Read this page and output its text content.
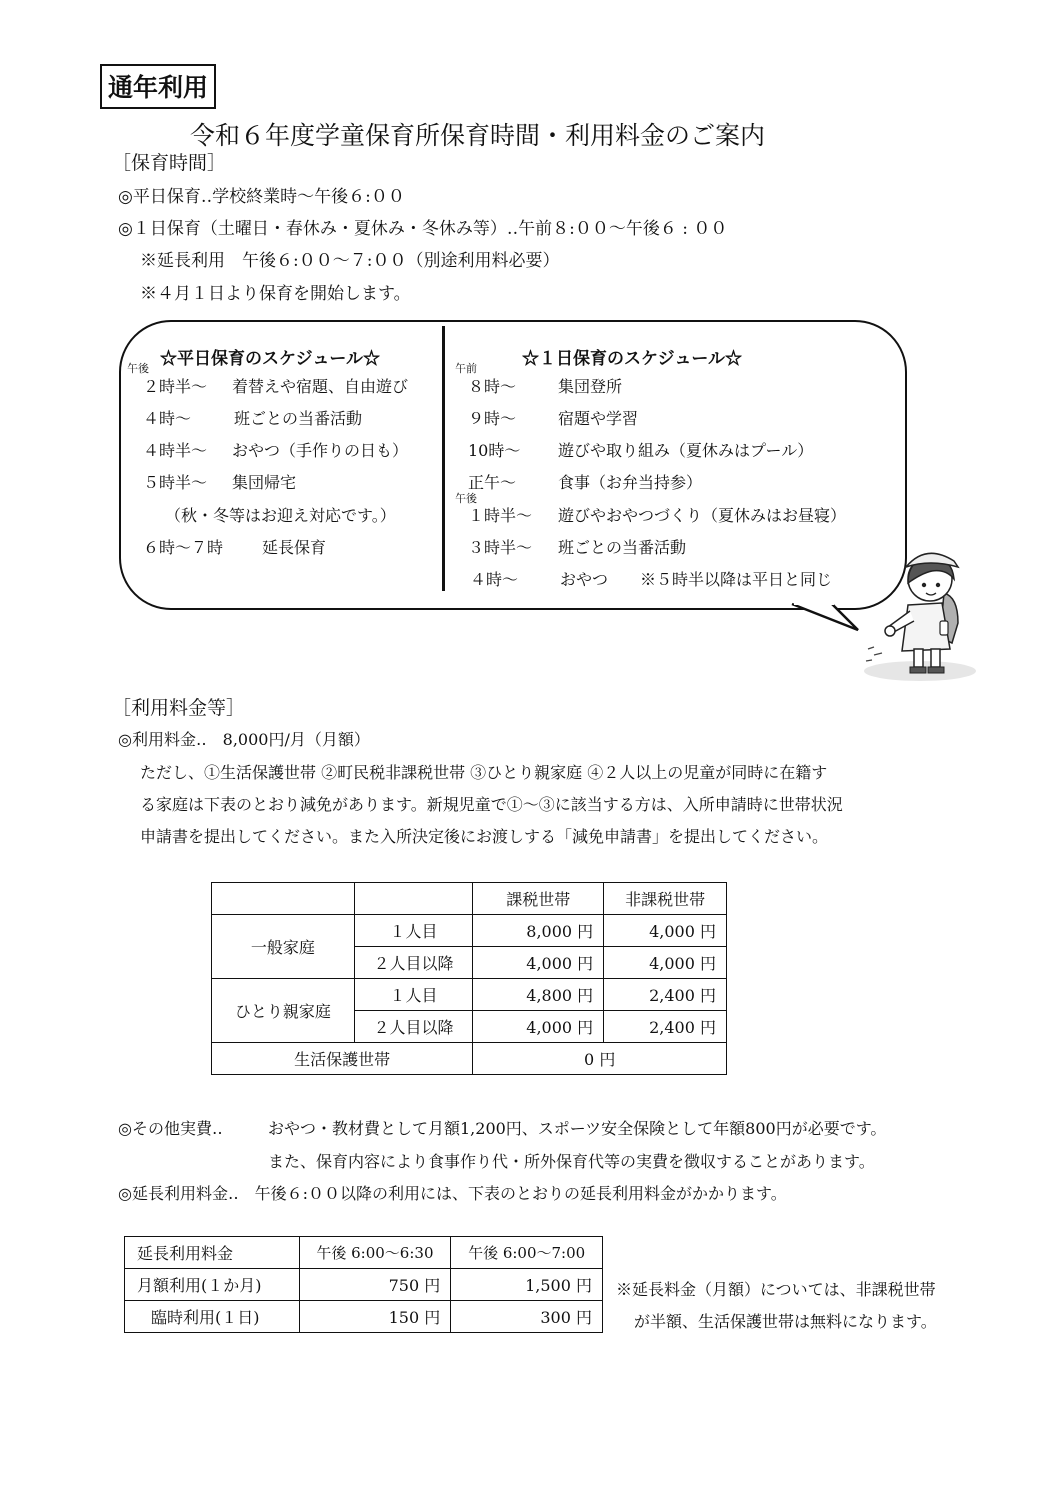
通年利用
令和６年度学童保育所保育時間・利用料金のご案内
［保育時間］
◎平日保育‥学校終業時～午後６:００
◎１日保育（土曜日・春休み・夏休み・冬休み等）‥午前８:００～午後６ : ００
※延長利用　午後６:００～７:００（別途利用料必要）
※４月１日より保育を開始します。
☆平日保育のスケジュール☆
午後
２時半～ 着替えや宿題、自由遊び
４時～	班ごとの当番活動
４時半～ おやつ（手作りの日も）
５時半～ 集団帰宅
（秋・冬等はお迎え対応です。）
６時～７時 延長保育
☆１日保育のスケジュール☆
午前
午後
８時～	集団登所
９時～	宿題や学習
10時～ 遊びや取り組み（夏休みはプール）
正午～	食事（お弁当持参）
１時半～ 遊びやおやつづくり（夏休みはお昼寝）
３時半～ 班ごとの当番活動
４時～	おやつ　　※５時半以降は平日と同じ
［利用料金等］
◎利用料金‥　8,000円/月（月額）
ただし、①生活保護世帯 ②町民税非課税世帯 ③ひとり親家庭 ④２人以上の児童が同時に在籍す
る家庭は下表のとおり減免があります。新規児童で①～③に該当する方は、入所申請時に世帯状況
申請書を提出してください。また入所決定後にお渡しする「減免申請書」を提出してください。
		課税世帯	非課税世帯
一般家庭	１人目	8,000 円	4,000 円
	２人目以降	4,000 円	4,000 円
ひとり親家庭	１人目	4,800 円	2,400 円
	２人目以降	4,000 円	2,400 円
生活保護世帯		0 円	
◎その他実費‥	おやつ・教材費として月額1,200円、スポーツ安全保険として年額800円が必要です。
また、保育内容により食事作り代・所外保育代等の実費を徴収することがあります。
◎延長利用料金‥　午後６:００以降の利用には、下表のとおりの延長利用料金がかかります。
延長利用料金	午後 6:00～6:30	午後 6:00～7:00
月額利用(１か月)	750 円	1,500 円
臨時利用(１日)	150 円	300 円
※延長料金（月額）については、非課税世帯
が半額、生活保護世帯は無料になります。
